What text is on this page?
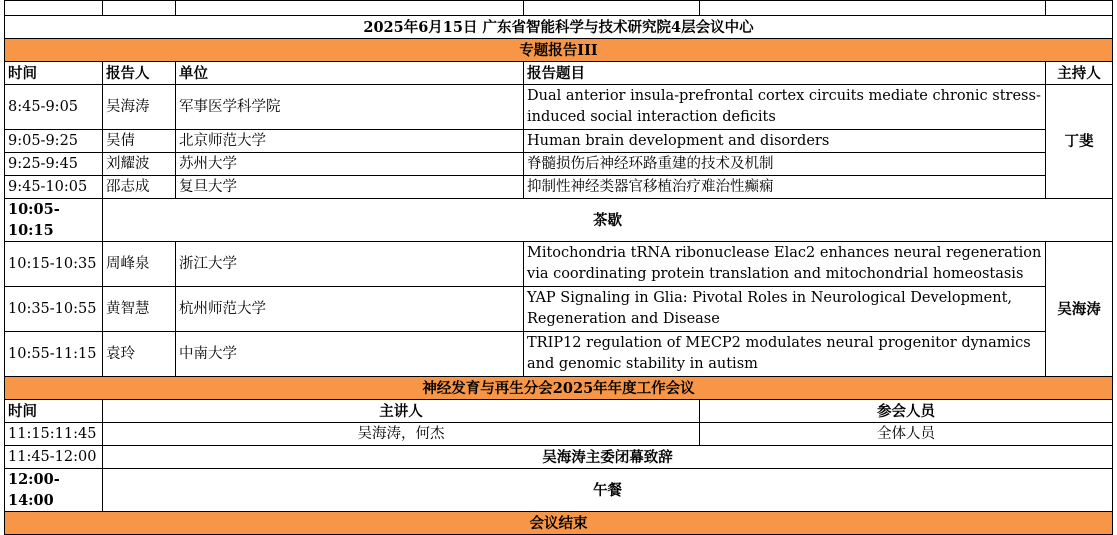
2025年6月15日 广东省智能科学与技术研究院4层会议中心					
专题报告III					
时间	报告人	单位	报告题目		主持人
8:45-9:05	吴海涛	军事医学科学院	Dual anterior insula-prefrontal cortex circuits mediate chronic stress-induced social interaction deficits		丁斐
9:05-9:25	吴倩	北京师范大学	Human brain development and disorders		
9:25-9:45	刘耀波	苏州大学	脊髓损伤后神经环路重建的技术及机制		
9:45-10:05	邵志成	复旦大学	抑制性神经类器官移植治疗难治性癫痫		
10:05-10:15	茶歇				
10:15-10:35	周峰泉	浙江大学	Mitochondria tRNA ribonuclease Elac2 enhances neural regeneration via coordinating protein translation and mitochondrial homeostasis		吴海涛
10:35-10:55	黄智慧	杭州师范大学	YAP Signaling in Glia: Pivotal Roles in Neurological Development, Regeneration and Disease		
10:55-11:15	袁玲	中南大学	TRIP12 regulation of MECP2 modulates neural progenitor dynamics and genomic stability in autism		
神经发育与再生分会2025年年度工作会议					
时间	主讲人			参会人员	
11:15:11:45	吴海涛，何杰			全体人员	
11:45-12:00	吴海涛主委闭幕致辞				
12:00-14:00	午餐				
会议结束					
